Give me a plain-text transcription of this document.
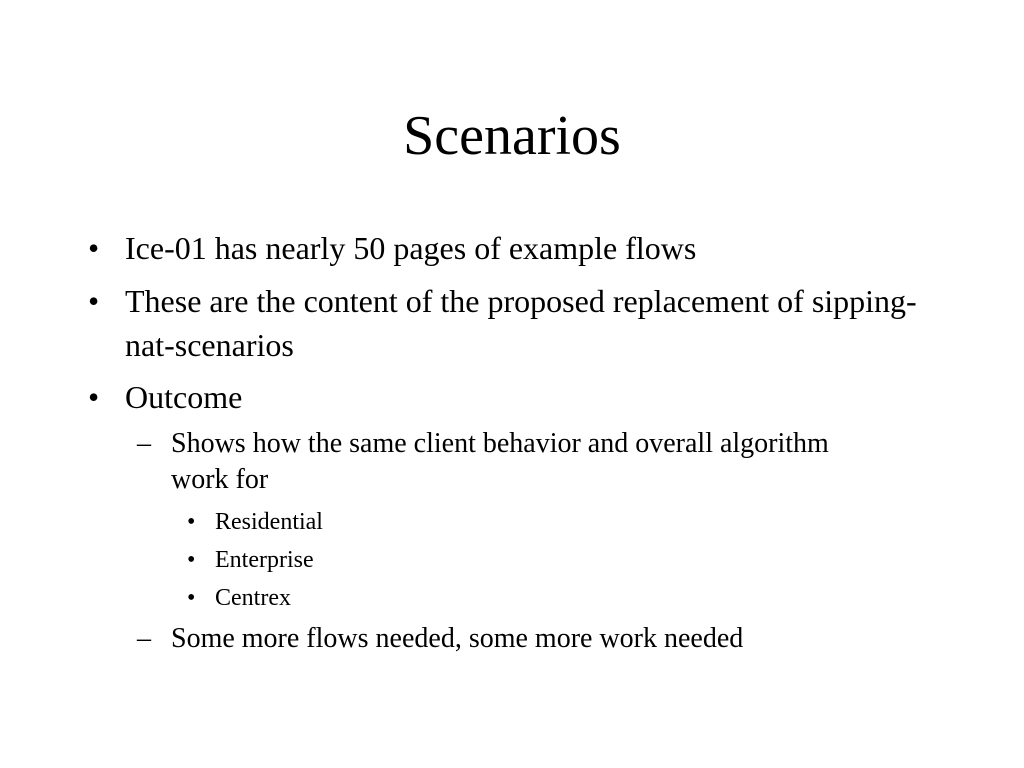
Scenarios
• Ice-01 has nearly 50 pages of example flows
• These are the content of the proposed replacement of sipping-nat-scenarios
• Outcome
– Shows how the same client behavior and overall algorithm work for
• Residential
• Enterprise
• Centrex
– Some more flows needed, some more work needed
